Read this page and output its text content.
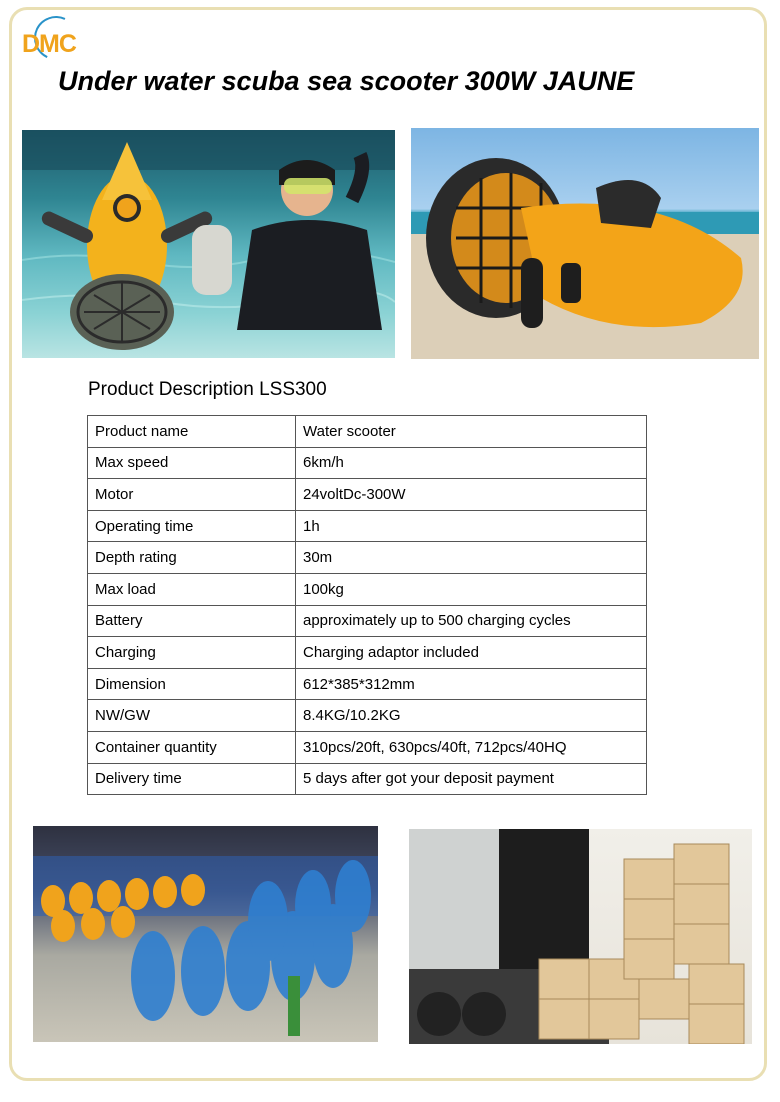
DMC
Under water scuba sea scooter 300W JAUNE
Product Description LSS300
Product name	Water scooter
Max speed	6km/h
Motor	24voltDc-300W
Operating time	1h
Depth rating	30m
Max load	100kg
Battery	approximately up to 500 charging cycles
Charging	Charging adaptor included
Dimension	612*385*312mm
NW/GW	8.4KG/10.2KG
Container quantity	310pcs/20ft, 630pcs/40ft, 712pcs/40HQ
Delivery time	5 days after got your deposit payment
